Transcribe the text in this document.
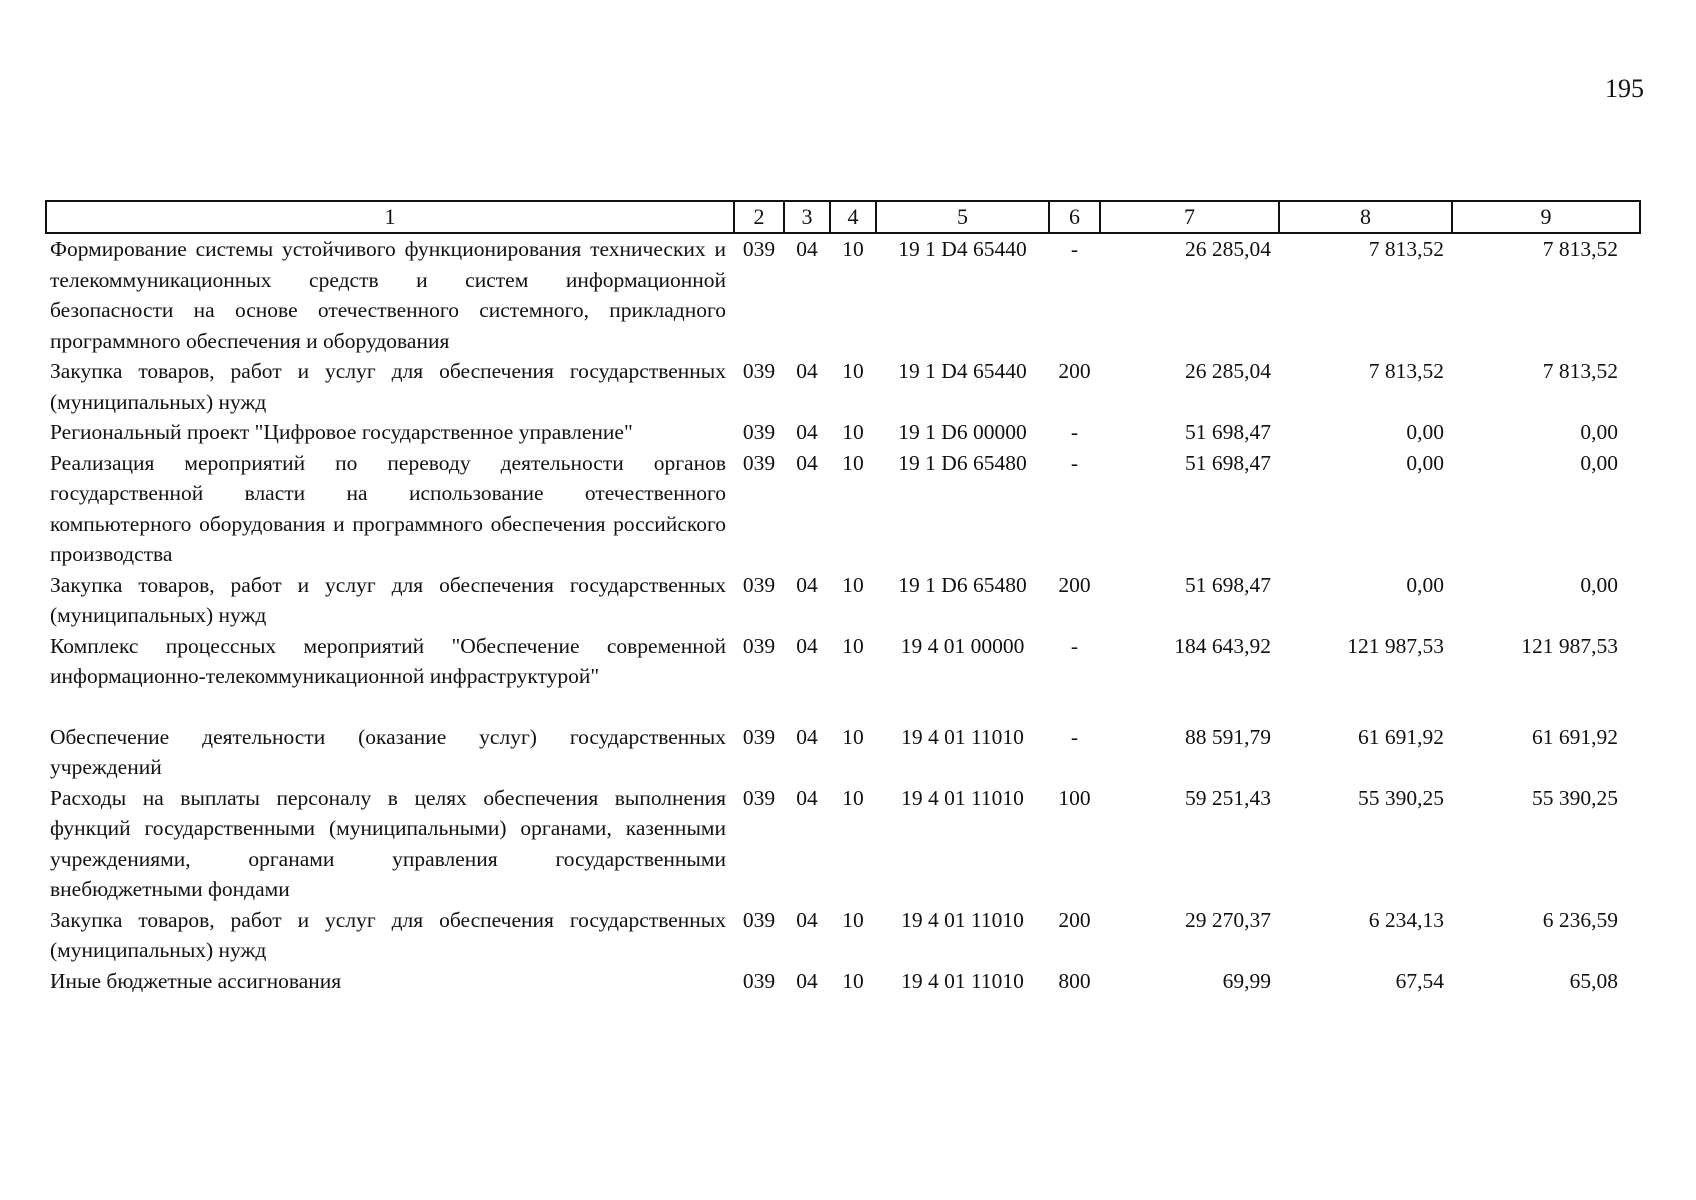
195
1	2	3	4	5	6	7	8	9
Формирование системы устойчивого функционирования технических и телекоммуникационных средств и систем информационной безопасности на основе отечественного системного, прикладного программного обеспечения и оборудования	039	04	10	19 1 D4 65440	-	26 285,04	7 813,52	7 813,52
Закупка товаров, работ и услуг для обеспечения государственных (муниципальных) нужд	039	04	10	19 1 D4 65440	200	26 285,04	7 813,52	7 813,52
Региональный проект "Цифровое государственное управление"	039	04	10	19 1 D6 00000	-	51 698,47	0,00	0,00
Реализация мероприятий по переводу деятельности органов государственной власти на использование отечественного компьютерного оборудования и программного обеспечения российского производства	039	04	10	19 1 D6 65480	-	51 698,47	0,00	0,00
Закупка товаров, работ и услуг для обеспечения государственных (муниципальных) нужд	039	04	10	19 1 D6 65480	200	51 698,47	0,00	0,00
Комплекс процессных мероприятий "Обеспечение современной информационно-телекоммуникационной инфраструктурой"	039	04	10	19 4 01 00000	-	184 643,92	121 987,53	121 987,53
Обеспечение деятельности (оказание услуг) государственных учреждений	039	04	10	19 4 01 11010	-	88 591,79	61 691,92	61 691,92
Расходы на выплаты персоналу в целях обеспечения выполнения функций государственными (муниципальными) органами, казенными учреждениями, органами управления государственными внебюджетными фондами	039	04	10	19 4 01 11010	100	59 251,43	55 390,25	55 390,25
Закупка товаров, работ и услуг для обеспечения государственных (муниципальных) нужд	039	04	10	19 4 01 11010	200	29 270,37	6 234,13	6 236,59
Иные бюджетные ассигнования	039	04	10	19 4 01 11010	800	69,99	67,54	65,08
